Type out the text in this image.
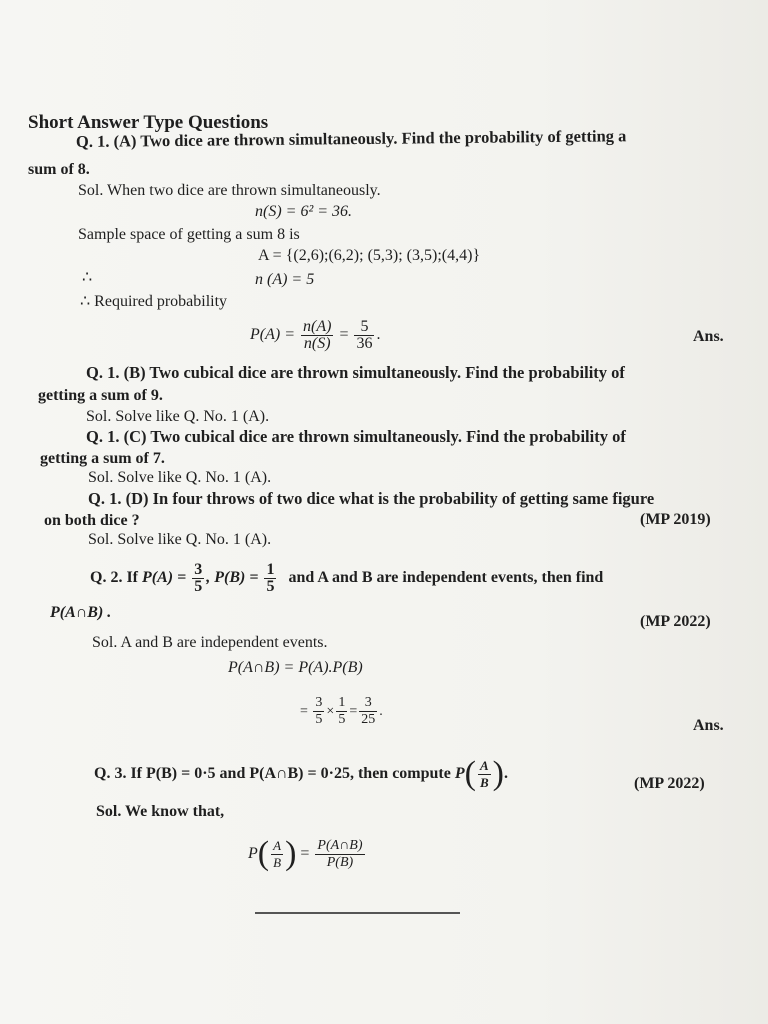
Short Answer Type Questions
Q. 1. (A) Two dice are thrown simultaneously. Find the probability of getting a
sum of 8.
Sol. When two dice are thrown simultaneously.
n(S) = 6² = 36.
Sample space of getting a sum 8 is
A = {(2,6);(6,2); (5,3); (3,5);(4,4)}
∴	n (A) = 5
∴ Required probability
$P(A) = \frac{n(A)}{n(S)} = \frac{5}{36}$ .	Ans.
Q. 1. (B) Two cubical dice are thrown simultaneously. Find the probability of
getting a sum of 9.
Sol. Solve like Q. No. 1 (A).
Q. 1. (C) Two cubical dice are thrown simultaneously. Find the probability of
getting a sum of 7.
Sol. Solve like Q. No. 1 (A).
Q. 1. (D) In four throws of two dice what is the probability of getting same figure
on both dice ?	(MP 2019)
Sol. Solve like Q. No. 1 (A).
Q. 2. If $P(A) = \frac{3}{5}$ , $P(B) = \frac{1}{5}$ and A and B are independent events, then find
P(A∩B) .
(MP 2022)
Sol. A and B are independent events.
P(A∩B) = P(A).P(B)
= $\frac{3}{5} \times \frac{1}{5} = \frac{3}{25}$ .
Ans.
Q. 3. If P(B) = 0·5 and P(A∩B) = 0·25, then compute $P( \frac{A}{B}$ ).
(MP 2022)
Sol. We know that,
$P( \frac{A}{B}$ ) = $\frac{P(A\cap B)}{P(B)}$
